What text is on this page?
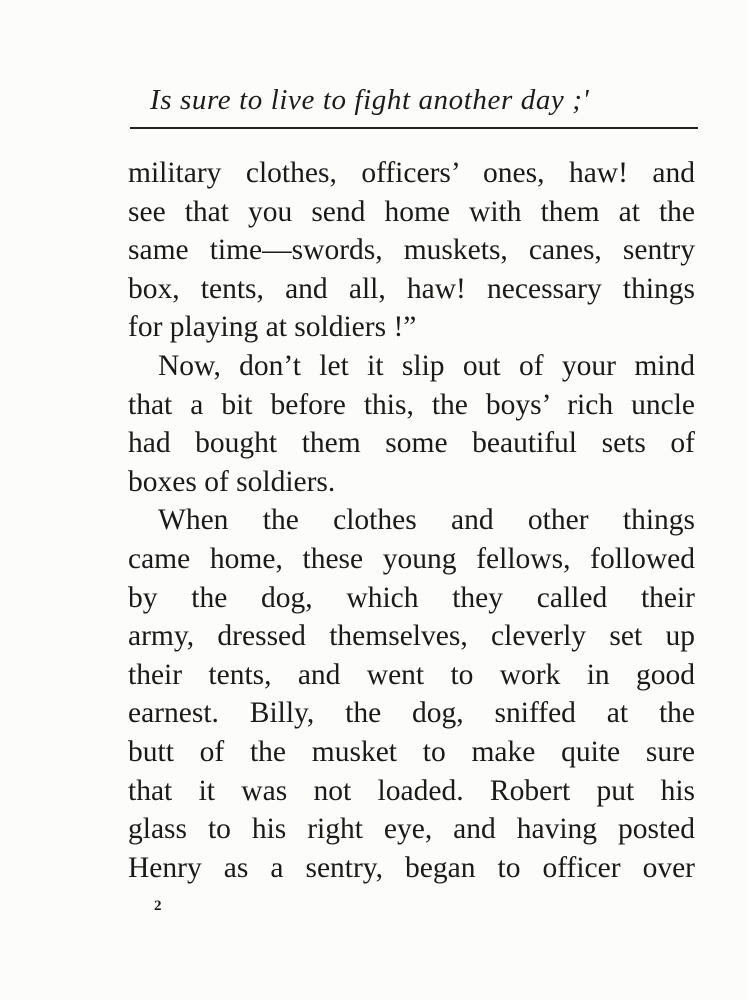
Is sure to live to fight another day ;'
military clothes, officers’ ones, haw! and
see that you send home with them at the
same time—swords, muskets, canes, sentry
box, tents, and all, haw! necessary things
for playing at soldiers !”
Now, don’t let it slip out of your mind
that a bit before this, the boys’ rich uncle
had bought them some beautiful sets of
boxes of soldiers.
When the clothes and other things
came home, these young fellows, followed
by the dog, which they called their
army, dressed themselves, cleverly set up
their tents, and went to work in good
earnest. Billy, the dog, sniffed at the
butt of the musket to make quite sure
that it was not loaded. Robert put his
glass to his right eye, and having posted
Henry as a sentry, began to officer over
2
